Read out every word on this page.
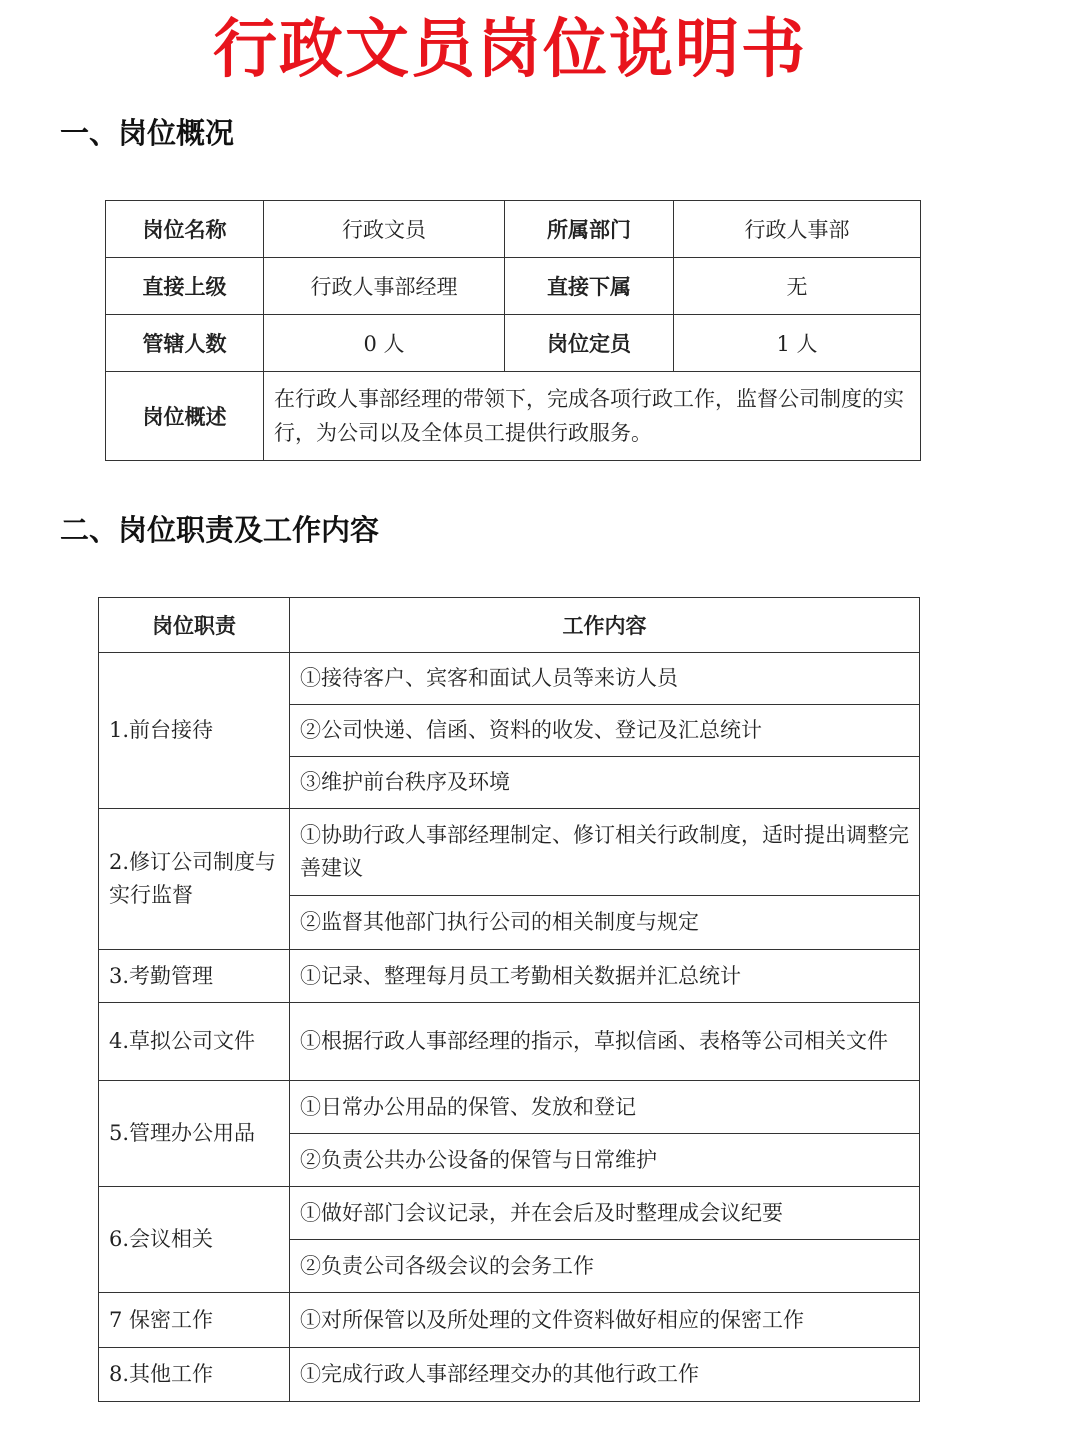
行政文员岗位说明书
一、岗位概况
岗位名称	行政文员	所属部门	行政人事部
直接上级	行政人事部经理	直接下属	无
管辖人数	0 人	岗位定员	1 人
岗位概述	在行政人事部经理的带领下，完成各项行政工作，监督公司制度的实行，为公司以及全体员工提供行政服务。		
二、岗位职责及工作内容
岗位职责	工作内容
1.前台接待	①接待客户、宾客和面试人员等来访人员
	②公司快递、信函、资料的收发、登记及汇总统计
	③维护前台秩序及环境
2.修订公司制度与实行监督	①协助行政人事部经理制定、修订相关行政制度，适时提出调整完善建议
	②监督其他部门执行公司的相关制度与规定
3.考勤管理	①记录、整理每月员工考勤相关数据并汇总统计
4.草拟公司文件	①根据行政人事部经理的指示，草拟信函、表格等公司相关文件
5.管理办公用品	①日常办公用品的保管、发放和登记
	②负责公共办公设备的保管与日常维护
6.会议相关	①做好部门会议记录，并在会后及时整理成会议纪要
	②负责公司各级会议的会务工作
7 保密工作	①对所保管以及所处理的文件资料做好相应的保密工作
8.其他工作	①完成行政人事部经理交办的其他行政工作
